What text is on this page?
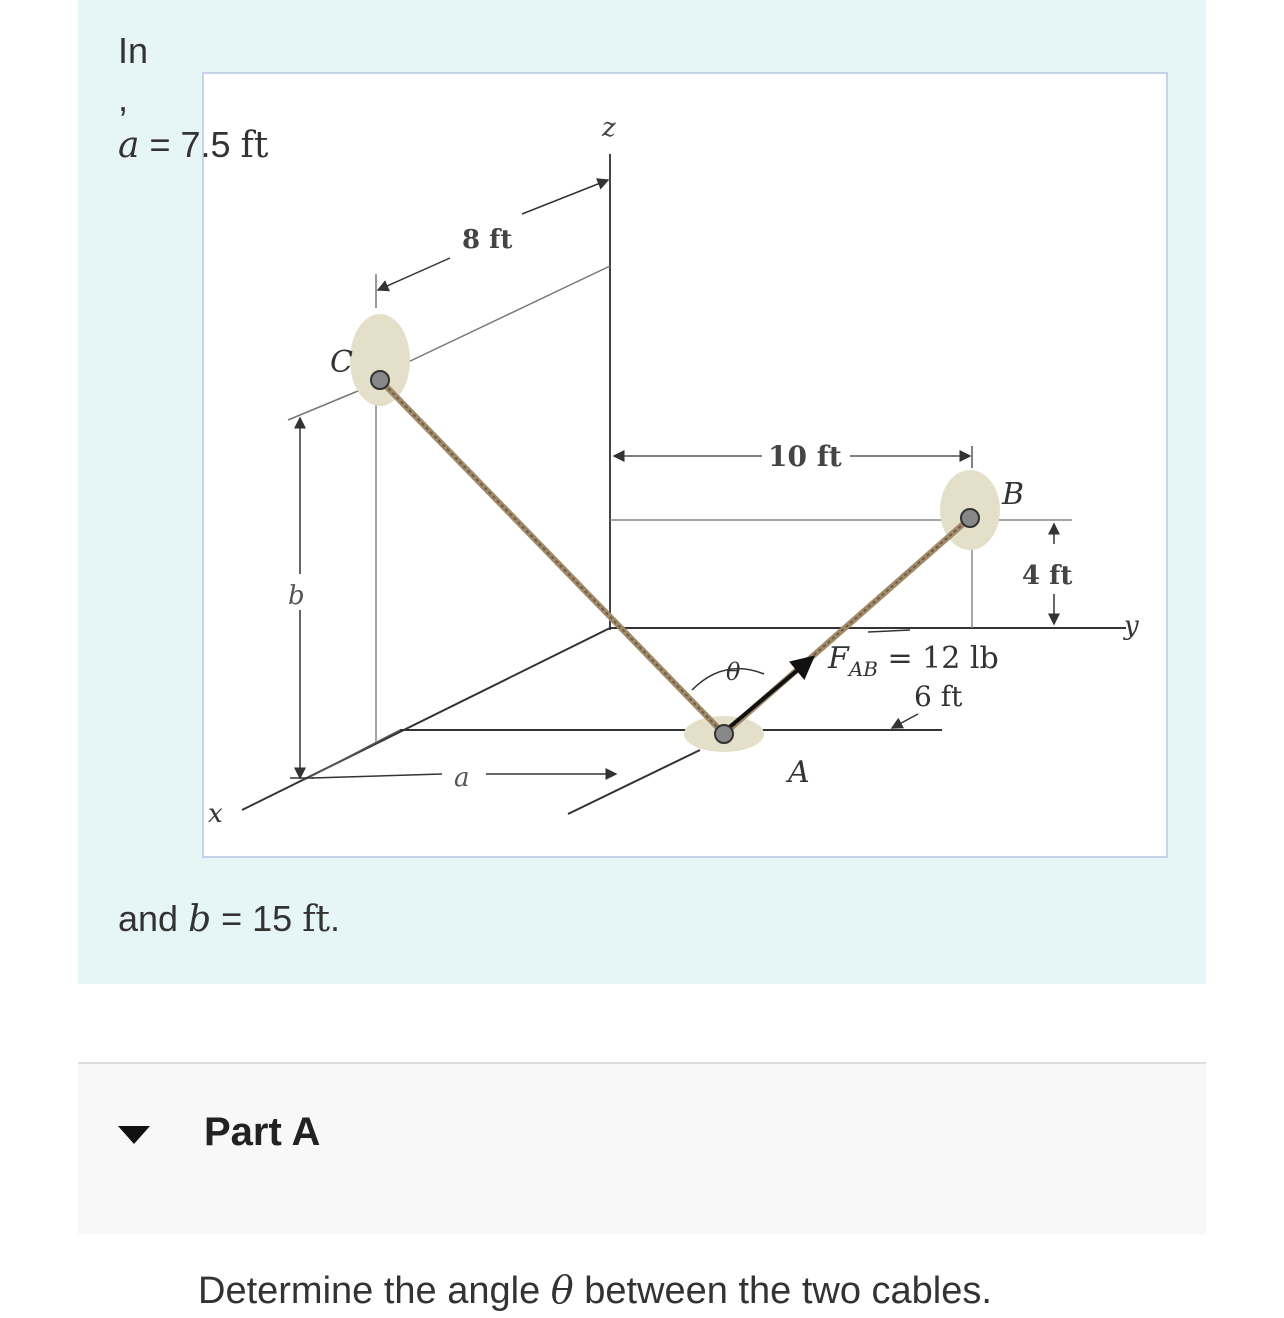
In
,
a = 7.5 ft	z
y
x
C
B
A
a
b
θ
8 ft
10 ft
4 ft
6 ft
$F_{AB} = 12$ lb
and b = 15 ft.
Part A
Determine the angle θ between the two cables.
